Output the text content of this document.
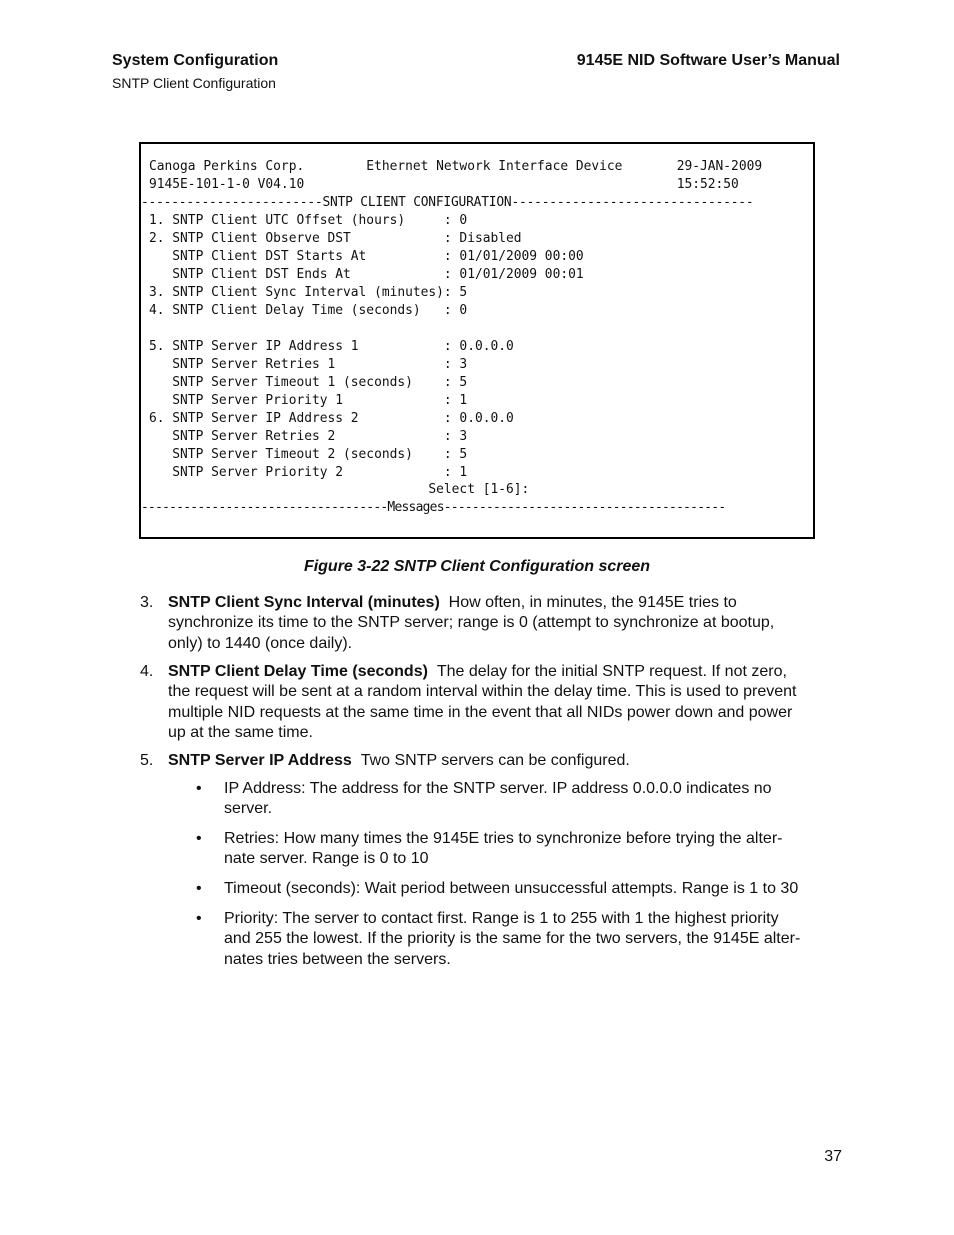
System Configuration
SNTP Client Configuration
9145E NID Software User’s Manual
Canoga Perkins Corp.        Ethernet Network Interface Device       29-JAN-2009
9145E-101-1-0 V04.10                                                15:52:50
------------------------SNTP CLIENT CONFIGURATION--------------------------------
1. SNTP Client UTC Offset (hours)     : 0
2. SNTP Client Observe DST            : Disabled
SNTP Client DST Starts At          : 01/01/2009 00:00
SNTP Client DST Ends At            : 01/01/2009 00:01
3. SNTP Client Sync Interval (minutes): 5
4. SNTP Client Delay Time (seconds)   : 0
5. SNTP Server IP Address 1           : 0.0.0.0
SNTP Server Retries 1              : 3
SNTP Server Timeout 1 (seconds)    : 5
SNTP Server Priority 1             : 1
6. SNTP Server IP Address 2           : 0.0.0.0
SNTP Server Retries 2              : 3
SNTP Server Timeout 2 (seconds)    : 5
SNTP Server Priority 2             : 1
Select [1-6]:
-----------------------------------Messages----------------------------------------
Figure 3-22 SNTP Client Configuration screen
3. SNTP Client Sync Interval (minutes) How often, in minutes, the 9145E tries to
synchronize its time to the SNTP server; range is 0 (attempt to synchronize at bootup,
only) to 1440 (once daily).
4. SNTP Client Delay Time (seconds) The delay for the initial SNTP request. If not zero,
the request will be sent at a random interval within the delay time. This is used to prevent
multiple NID requests at the same time in the event that all NIDs power down and power
up at the same time.
5. SNTP Server IP Address Two SNTP servers can be configured.
• IP Address: The address for the SNTP server. IP address 0.0.0.0 indicates no
server.
• Retries: How many times the 9145E tries to synchronize before trying the alter-
nate server. Range is 0 to 10
• Timeout (seconds): Wait period between unsuccessful attempts. Range is 1 to 30
• Priority: The server to contact first. Range is 1 to 255 with 1 the highest priority
and 255 the lowest. If the priority is the same for the two servers, the 9145E alter-
nates tries between the servers.
37
